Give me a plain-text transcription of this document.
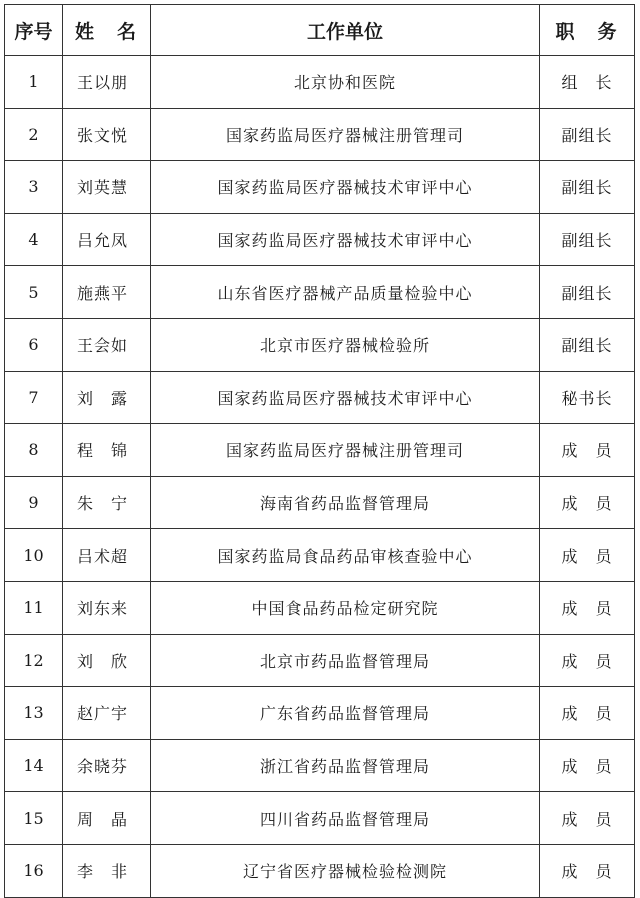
序号	姓　名	工作单位	职　务
1	王以朋	北京协和医院	组　长
2	张文悦	国家药监局医疗器械注册管理司	副组长
3	刘英慧	国家药监局医疗器械技术审评中心	副组长
4	吕允凤	国家药监局医疗器械技术审评中心	副组长
5	施燕平	山东省医疗器械产品质量检验中心	副组长
6	王会如	北京市医疗器械检验所	副组长
7	刘　露	国家药监局医疗器械技术审评中心	秘书长
8	程　锦	国家药监局医疗器械注册管理司	成　员
9	朱　宁	海南省药品监督管理局	成　员
10	吕术超	国家药监局食品药品审核查验中心	成　员
11	刘东来	中国食品药品检定研究院	成　员
12	刘　欣	北京市药品监督管理局	成　员
13	赵广宇	广东省药品监督管理局	成　员
14	余晓芬	浙江省药品监督管理局	成　员
15	周　晶	四川省药品监督管理局	成　员
16	李　非	辽宁省医疗器械检验检测院	成　员
